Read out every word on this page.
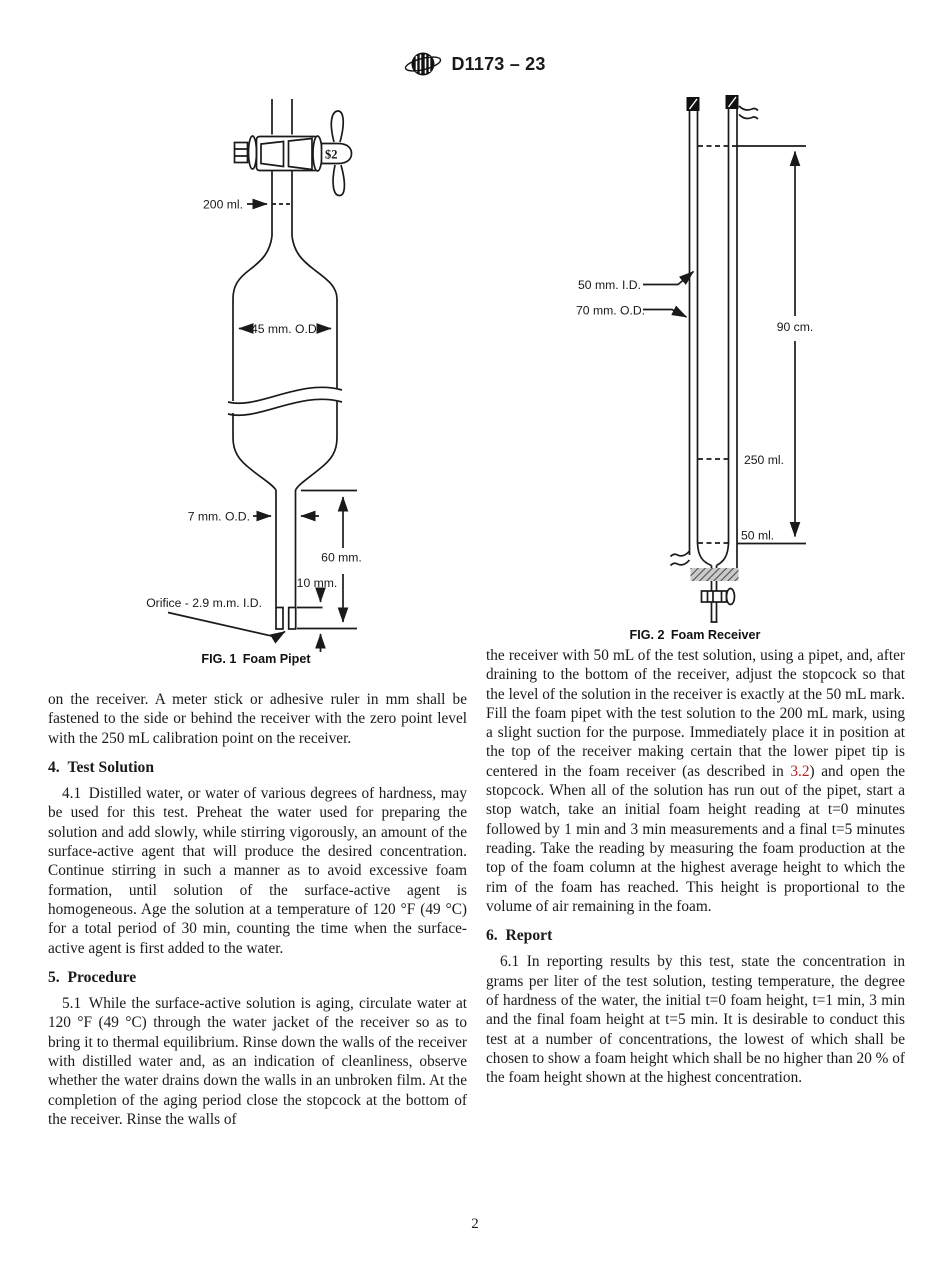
D1173 – 23
$2
200 ml.
45 mm. O.D.
7 mm. O.D.
60 mm.
10 mm.
Orifice - 2.9 m.m. I.D.
FIG. 1 Foam Pipet
90 cm.
50 mm. I.D.
70 mm. O.D.
250 ml.
50 ml.
FIG. 2 Foam Receiver

on the receiver. A meter stick or adhesive ruler in mm shall be fastened to the side or behind the receiver with the zero point level with the 250 mL calibration point on the receiver.

4. Test Solution

4.1 Distilled water, or water of various degrees of hardness, may be used for this test. Preheat the water used for preparing the solution and add slowly, while stirring vigorously, an amount of the surface-active agent that will produce the desired concentration. Continue stirring in such a manner as to avoid excessive foam formation, until solution of the surface-active agent is homogeneous. Age the solution at a temperature of 120 °F (49 °C) for a total period of 30 min, counting the time when the surface-active agent is first added to the water.

5. Procedure

5.1 While the surface-active solution is aging, circulate water at 120 °F (49 °C) through the water jacket of the receiver so as to bring it to thermal equilibrium. Rinse down the walls of the receiver with distilled water and, as an indication of cleanliness, observe whether the water drains down the walls in an unbroken film. At the completion of the aging period close the stopcock at the bottom of the receiver. Rinse the walls of

the receiver with 50 mL of the test solution, using a pipet, and, after draining to the bottom of the receiver, adjust the stopcock so that the level of the solution in the receiver is exactly at the 50 mL mark. Fill the foam pipet with the test solution to the 200 mL mark, using a slight suction for the purpose. Immediately place it in position at the top of the receiver making certain that the lower pipet tip is centered in the foam receiver (as described in 3.2) and open the stopcock. When all of the solution has run out of the pipet, start a stop watch, take an initial foam height reading at t=0 minutes followed by 1 min and 3 min measurements and a final t=5 minutes reading. Take the reading by measuring the foam production at the top of the foam column at the highest average height to which the rim of the foam has reached. This height is proportional to the volume of air remaining in the foam.

6. Report

6.1 In reporting results by this test, state the concentration in grams per liter of the test solution, testing temperature, the degree of hardness of the water, the initial t=0 foam height, t=1 min, 3 min and the final foam height at t=5 min. It is desirable to conduct this test at a number of concentrations, the lowest of which shall be chosen to show a foam height which shall be no higher than 20 % of the foam height shown at the highest concentration.

2
